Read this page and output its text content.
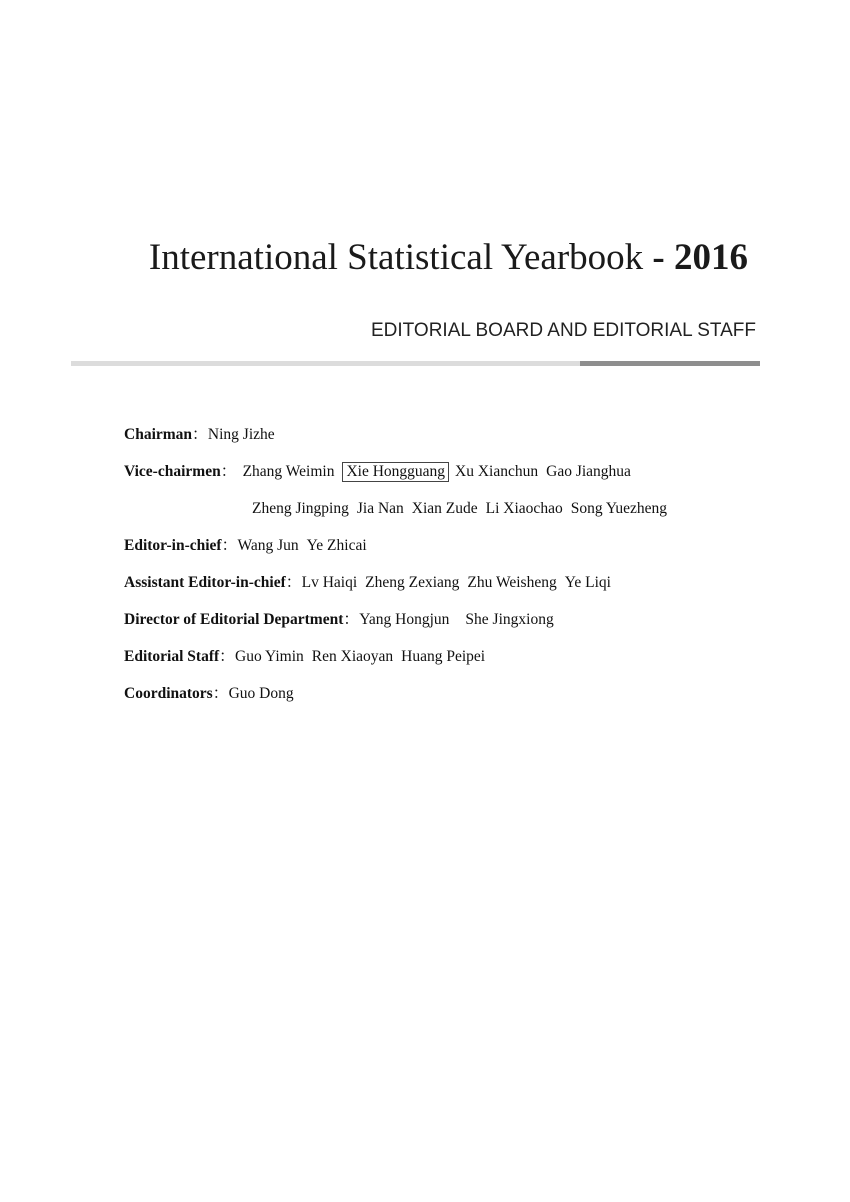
International Statistical Yearbook - 2016
EDITORIAL BOARD AND EDITORIAL STAFF
Chairman： Ning Jizhe
Vice-chairmen： Zhang Weimin Xie Hongguang Xu Xianchun Gao Jianghua
Zheng Jingping Jia Nan Xian Zude Li Xiaochao Song Yuezheng
Editor-in-chief： Wang Jun Ye Zhicai
Assistant Editor-in-chief： Lv Haiqi Zheng Zexiang Zhu Weisheng Ye Liqi
Director of Editorial Department： Yang Hongjun She Jingxiong
Editorial Staff： Guo Yimin Ren Xiaoyan Huang Peipei
Coordinators： Guo Dong
